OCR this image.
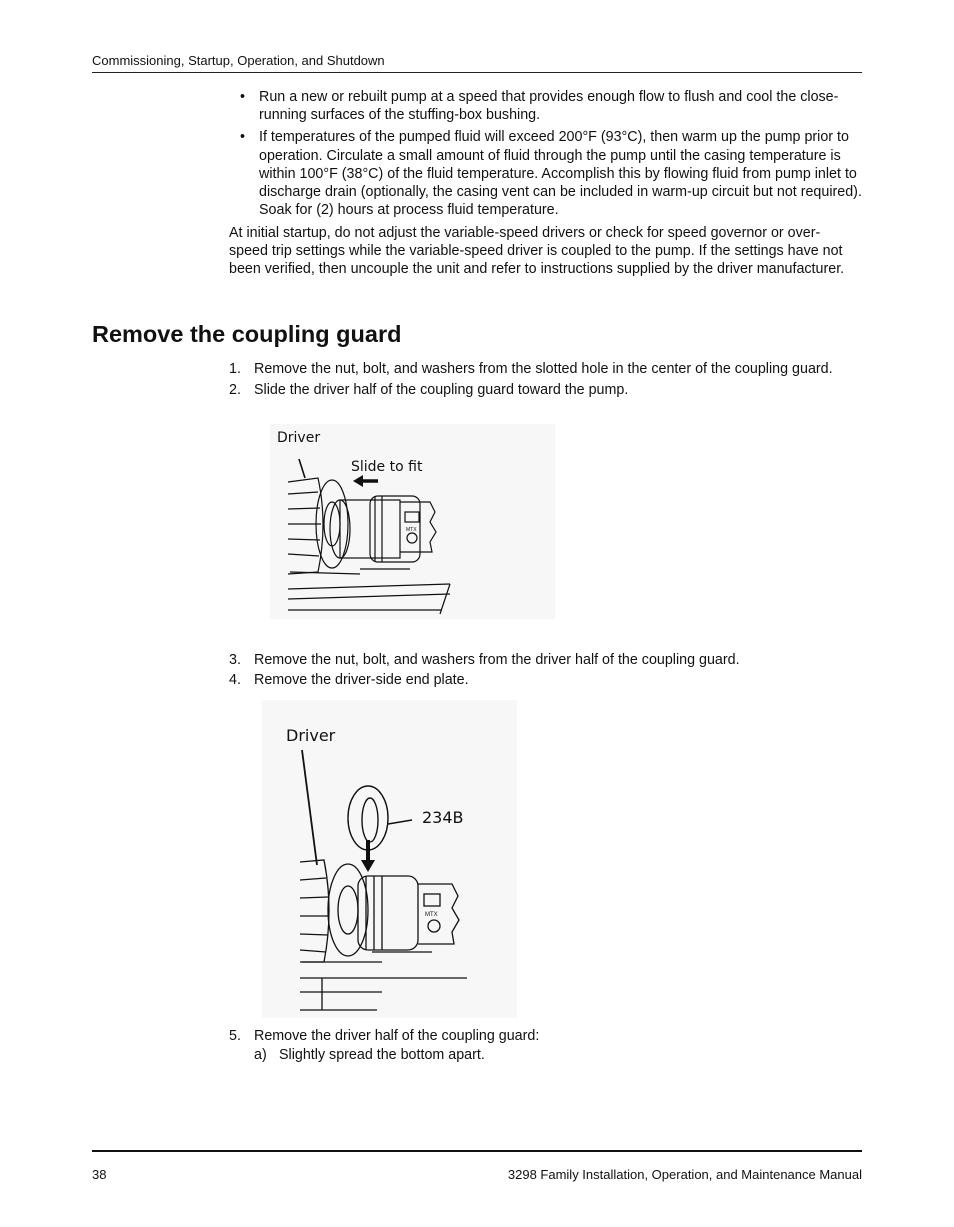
Commissioning, Startup, Operation, and Shutdown
• Run a new or rebuilt pump at a speed that provides enough flow to flush and cool the close-running surfaces of the stuffing-box bushing.
• If temperatures of the pumped fluid will exceed 200°F (93°C), then warm up the pump prior to operation. Circulate a small amount of fluid through the pump until the casing temperature is within 100°F (38°C) of the fluid temperature. Accomplish this by flowing fluid from pump inlet to discharge drain (optionally, the casing vent can be included in warm-up circuit but not required). Soak for (2) hours at process fluid temperature.
At initial startup, do not adjust the variable-speed drivers or check for speed governor or over-speed trip settings while the variable-speed driver is coupled to the pump. If the settings have not been verified, then uncouple the unit and refer to instructions supplied by the driver manufacturer.
Remove the coupling guard
1. Remove the nut, bolt, and washers from the slotted hole in the center of the coupling guard.
2. Slide the driver half of the coupling guard toward the pump.
Driver
Slide to fit
MTX
3. Remove the nut, bolt, and washers from the driver half of the coupling guard.
4. Remove the driver-side end plate.
Driver
234B
MTX
5. Remove the driver half of the coupling guard:
a) Slightly spread the bottom apart.
38	3298 Family Installation, Operation, and Maintenance Manual
